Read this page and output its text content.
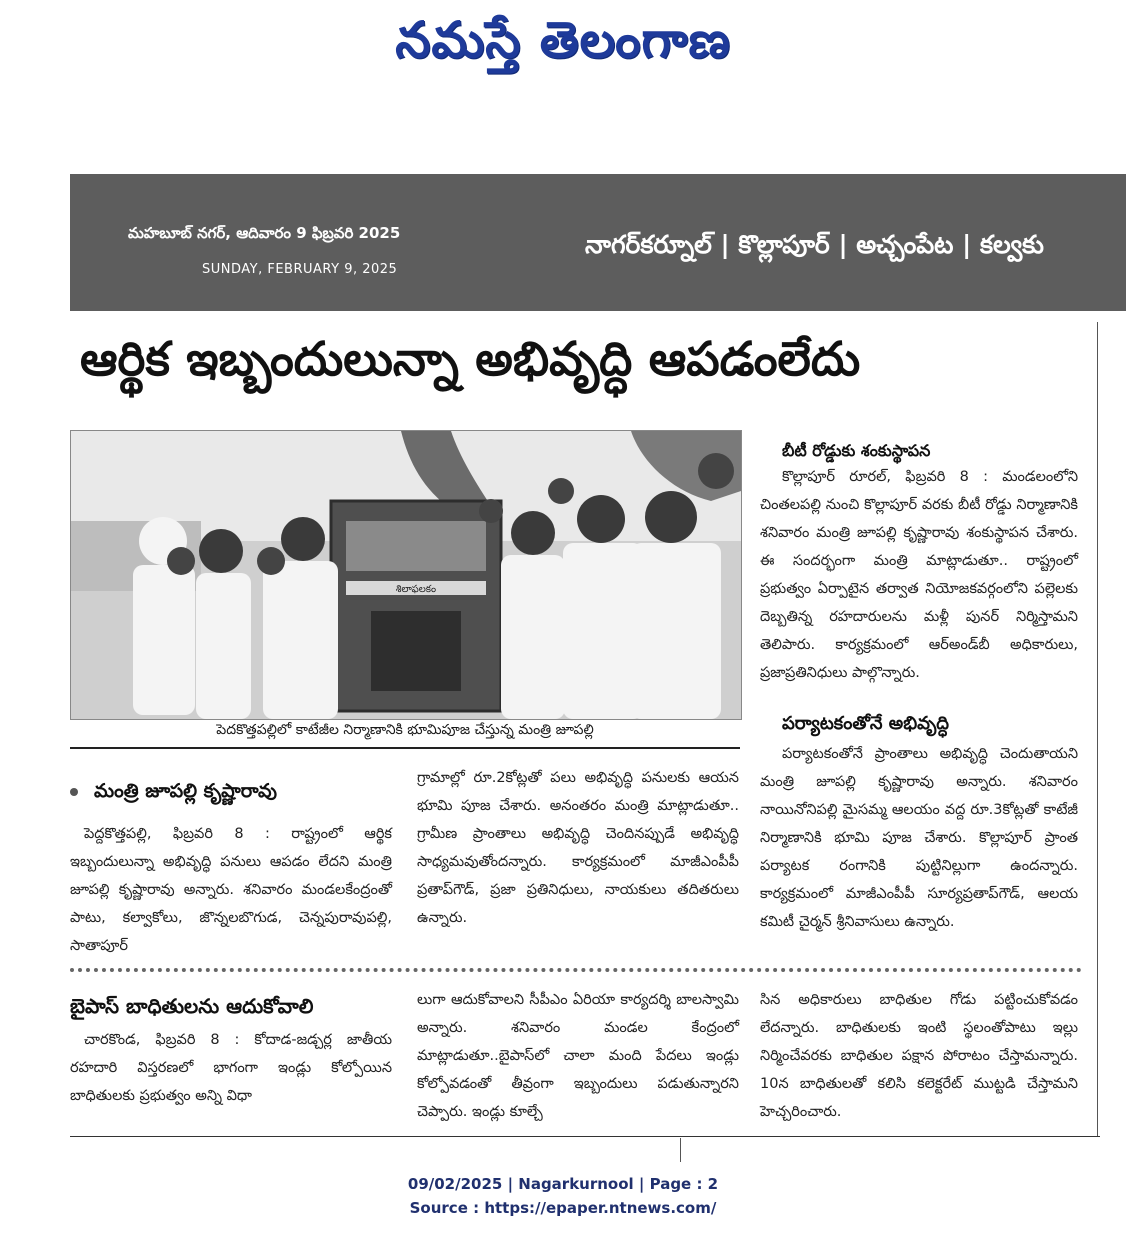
నమస్తే తెలంగాణ
మహబూబ్ నగర్, ఆదివారం 9 ఫిబ్రవరి 2025
SUNDAY, FEBRUARY 9, 2025
నాగర్‌కర్నూల్ | కొల్లాపూర్ | అచ్చంపేట | కల్వకు
ఆర్థిక ఇబ్బందులున్నా అభివృద్ధి ఆపడంలేదు
శిలాఫలకం
పెదకొత్తపల్లిలో కాటేజీల నిర్మాణానికి భూమిపూజ చేస్తున్న మంత్రి జూపల్లి
బీటీ రోడ్డుకు శంకుస్థాపన
కొల్లాపూర్ రూరల్, ఫిబ్రవరి 8 : మండలంలోని చింతలపల్లి నుంచి కొల్లాపూర్ వరకు బీటీ రోడ్డు నిర్మాణానికి శనివారం మంత్రి జూపల్లి కృష్ణారావు శంకుస్థాపన చేశారు. ఈ సందర్భంగా మంత్రి మాట్లాడుతూ.. రాష్ట్రంలో ప్రభుత్వం ఏర్పాటైన తర్వాత నియోజకవర్గంలోని పల్లెలకు దెబ్బతిన్న రహదారులను మళ్లీ పునర్ నిర్మిస్తామని తెలిపారు. కార్యక్రమంలో ఆర్అండ్‌బీ అధికారులు, ప్రజాప్రతినిధులు పాల్గొన్నారు.
పర్యాటకంతోనే అభివృద్ధి
పర్యాటకంతోనే ప్రాంతాలు అభివృద్ధి చెందుతాయని మంత్రి జూపల్లి కృష్ణారావు అన్నారు. శనివారం నాయినోనిపల్లి మైసమ్మ ఆలయం వద్ద రూ.3కోట్లతో కాటేజీ నిర్మాణానికి భూమి పూజ చేశారు. కొల్లాపూర్ ప్రాంత పర్యాటక రంగానికి పుట్టినిల్లుగా ఉందన్నారు. కార్యక్రమంలో మాజీఎంపీపీ సూర్యప్రతాప్‌గౌడ్, ఆలయ కమిటీ చైర్మన్ శ్రీనివాసులు ఉన్నారు.
మంత్రి జూపల్లి కృష్ణారావు
పెద్దకొత్తపల్లి, ఫిబ్రవరి 8 : రాష్ట్రంలో ఆర్థిక ఇబ్బందులున్నా అభివృద్ధి పనులు ఆపడం లేదని మంత్రి జూపల్లి కృష్ణారావు అన్నారు. శనివారం మండలకేంద్రంతో పాటు, కల్వాకోలు, జొన్నలబొగుడ, చెన్నపురావుపల్లి, సాతాపూర్
గ్రామాల్లో రూ.2కోట్లతో పలు అభివృద్ధి పనులకు ఆయన భూమి పూజ చేశారు. అనంతరం మంత్రి మాట్లాడుతూ.. గ్రామీణ ప్రాంతాలు అభివృద్ధి చెందినప్పుడే అభివృద్ధి సాధ్యమవుతోందన్నారు. కార్యక్రమంలో మాజీఎంపీపీ ప్రతాప్‌గౌడ్, ప్రజా ప్రతినిధులు, నాయకులు తదితరులు ఉన్నారు.
బైపాస్ బాధితులను ఆదుకోవాలి
చారకొండ, ఫిబ్రవరి 8 : కోదాడ-జడ్చర్ల జాతీయ రహదారి విస్తరణలో భాగంగా ఇండ్లు కోల్పోయిన బాధితులకు ప్రభుత్వం అన్ని విధా
లుగా ఆదుకోవాలని సీపీఎం ఏరియా కార్యదర్శి బాలస్వామి అన్నారు. శనివారం మండల కేంద్రంలో మాట్లాడుతూ..బైపాస్‌లో చాలా మంది పేదలు ఇండ్లు కోల్పోవడంతో తీవ్రంగా ఇబ్బందులు పడుతున్నారని చెప్పారు. ఇండ్లు కూల్చే
సిన అధికారులు బాధితుల గోడు పట్టించుకోవడం లేదన్నారు. బాధితులకు ఇంటి స్థలంతోపాటు ఇల్లు నిర్మించేవరకు బాధితుల పక్షాన పోరాటం చేస్తామన్నారు. 10న బాధితులతో కలిసి కలెక్టరేట్ ముట్టడి చేస్తామని హెచ్చరించారు.
09/02/2025 | Nagarkurnool | Page : 2
Source : https://epaper.ntnews.com/
